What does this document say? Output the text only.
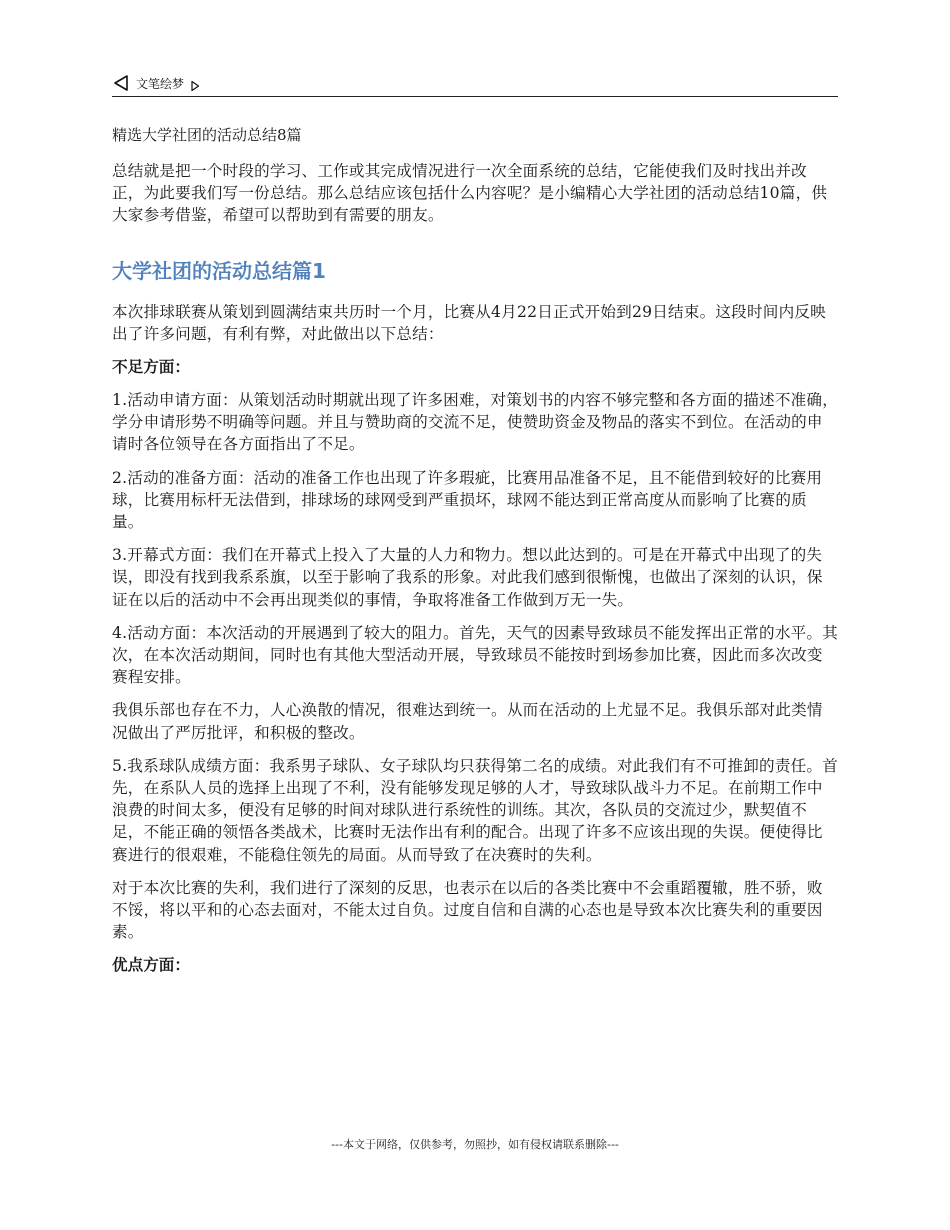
文笔绘梦
精选大学社团的活动总结8篇

总结就是把一个时段的学习、工作或其完成情况进行一次全面系统的总结，它能使我们及时找出并改正，为此要我们写一份总结。那么总结应该包括什么内容呢？是小编精心大学社团的活动总结10篇，供大家参考借鉴，希望可以帮助到有需要的朋友。

大学社团的活动总结篇1

本次排球联赛从策划到圆满结束共历时一个月，比赛从4月22日正式开始到29日结束。这段时间内反映出了许多问题，有利有弊，对此做出以下总结：

不足方面：

1.活动申请方面：从策划活动时期就出现了许多困难，对策划书的内容不够完整和各方面的描述不准确，学分申请形势不明确等问题。并且与赞助商的交流不足，使赞助资金及物品的落实不到位。在活动的申请时各位领导在各方面指出了不足。

2.活动的准备方面：活动的准备工作也出现了许多瑕疵，比赛用品准备不足，且不能借到较好的比赛用球，比赛用标杆无法借到，排球场的球网受到严重损坏，球网不能达到正常高度从而影响了比赛的质量。

3.开幕式方面：我们在开幕式上投入了大量的人力和物力。想以此达到的。可是在开幕式中出现了的失误，即没有找到我系系旗，以至于影响了我系的形象。对此我们感到很惭愧，也做出了深刻的认识，保证在以后的活动中不会再出现类似的事情，争取将准备工作做到万无一失。

4.活动方面：本次活动的开展遇到了较大的阻力。首先，天气的因素导致球员不能发挥出正常的水平。其次，在本次活动期间，同时也有其他大型活动开展，导致球员不能按时到场参加比赛，因此而多次改变赛程安排。

我俱乐部也存在不力，人心涣散的情况，很难达到统一。从而在活动的上尤显不足。我俱乐部对此类情况做出了严厉批评，和积极的整改。

5.我系球队成绩方面：我系男子球队、女子球队均只获得第二名的成绩。对此我们有不可推卸的责任。首先，在系队人员的选择上出现了不利，没有能够发现足够的人才，导致球队战斗力不足。在前期工作中浪费的时间太多，便没有足够的时间对球队进行系统性的训练。其次，各队员的交流过少，默契值不足，不能正确的领悟各类战术，比赛时无法作出有利的配合。出现了许多不应该出现的失误。便使得比赛进行的很艰难，不能稳住领先的局面。从而导致了在决赛时的失利。

对于本次比赛的失利，我们进行了深刻的反思，也表示在以后的各类比赛中不会重蹈覆辙，胜不骄，败不馁，将以平和的心态去面对，不能太过自负。过度自信和自满的心态也是导致本次比赛失利的重要因素。

优点方面：
---本文于网络，仅供参考，勿照抄，如有侵权请联系删除---
